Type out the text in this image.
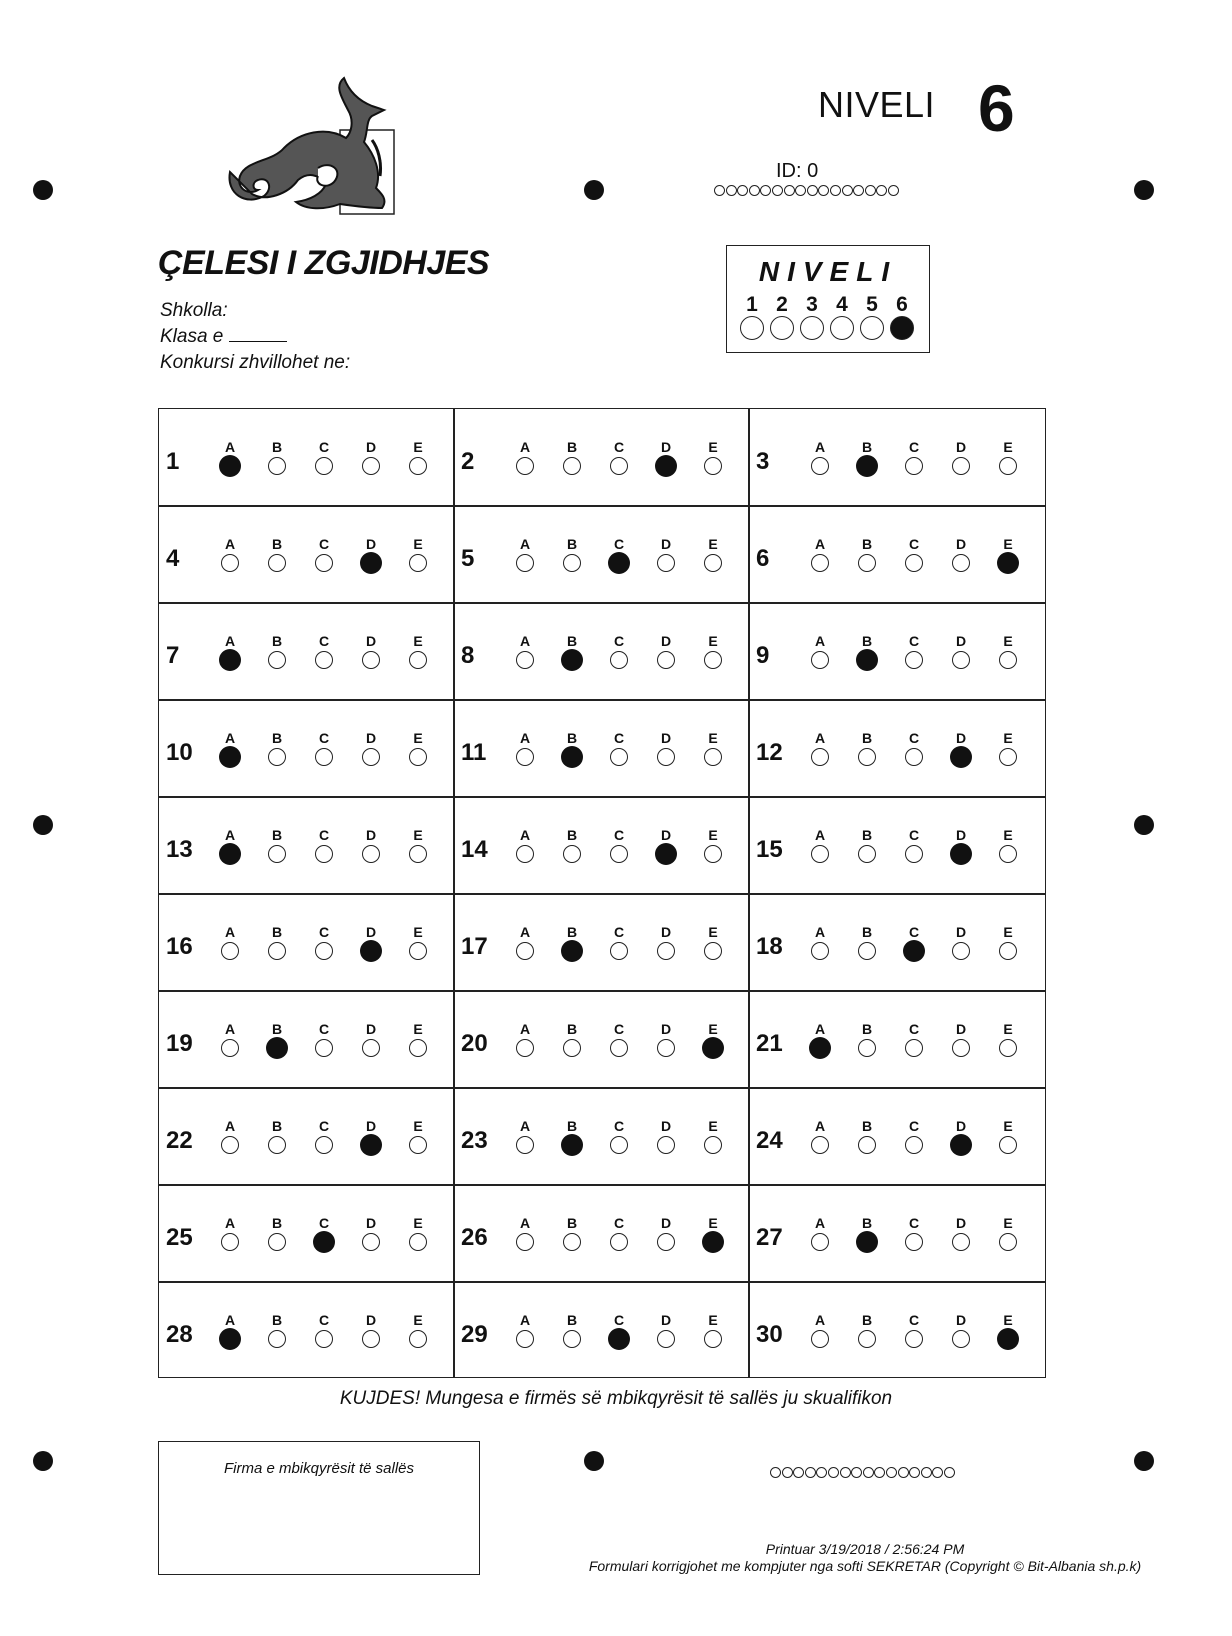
NIVELI 6
ID: 0
ÇELESI I ZGJIDHJES
Shkolla:
Klasa e
Konkursi zhvillohet ne:
NIVELI
1 2 3 4 5 6
1
A	B	C	D	E
2
A	B	C	D	E
3
A	B	C	D	E
4
A	B	C	D	E
5
A	B	C	D	E
6
A	B	C	D	E
7
A	B	C	D	E
8
A	B	C	D	E
9
A	B	C	D	E
10
A	B	C	D	E
11
A	B	C	D	E
12
A	B	C	D	E
13
A	B	C	D	E
14
A	B	C	D	E
15
A	B	C	D	E
16
A	B	C	D	E
17
A	B	C	D	E
18
A	B	C	D	E
19
A	B	C	D	E
20
A	B	C	D	E
21
A	B	C	D	E
22
A	B	C	D	E
23
A	B	C	D	E
24
A	B	C	D	E
25
A	B	C	D	E
26
A	B	C	D	E
27
A	B	C	D	E
28
A	B	C	D	E
29
A	B	C	D	E
30
A	B	C	D	E
KUJDES! Mungesa e firmës së mbikqyrësit të sallës ju skualifikon
Firma e mbikqyrësit të sallës
Printuar 3/19/2018 / 2:56:24 PM
Formulari korrigjohet me kompjuter nga softi SEKRETAR (Copyright © Bit-Albania sh.p.k)
